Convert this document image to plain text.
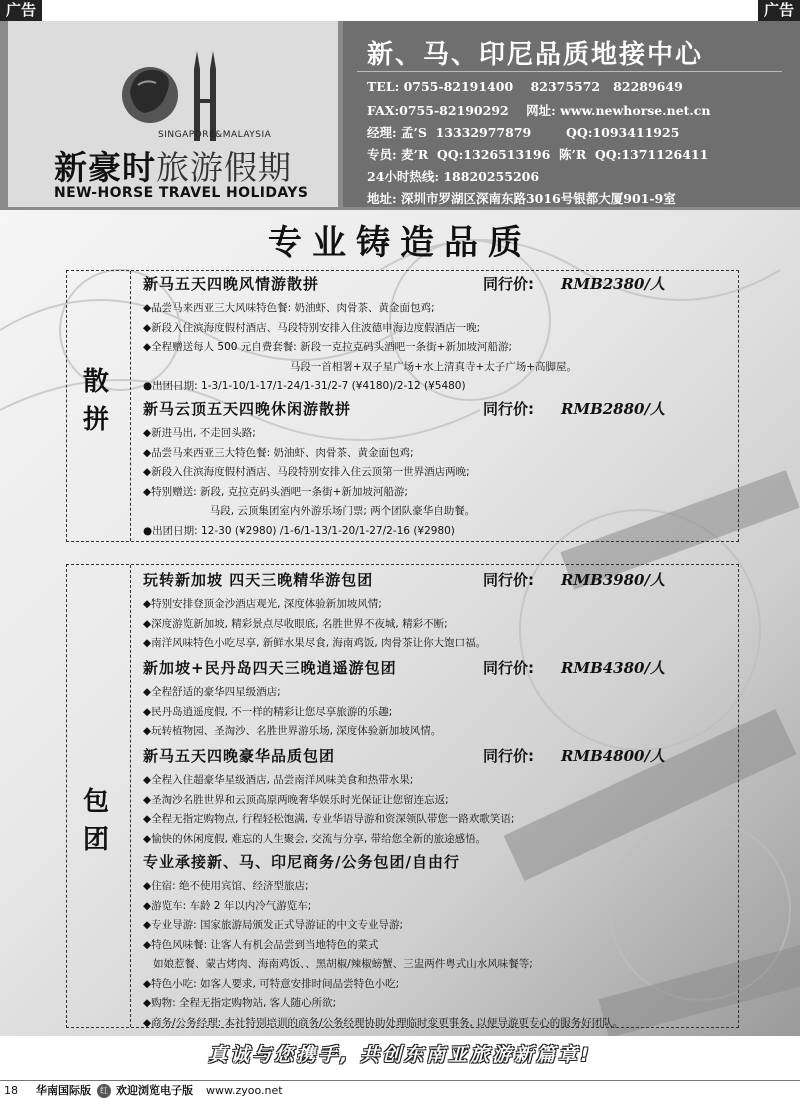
广告	广告
SINGAPORE&MALAYSIA
新豪时旅游假期
NEW-HORSE TRAVEL HOLIDAYS
新、马、印尼品质地接中心
TEL: 0755-82191400    82375572   82289649
FAX:0755-82190292    网址: www.newhorse.net.cn
经理: 孟’S  13332977879        QQ:1093411925
专员: 麦’R  QQ:1326513196  陈’R  QQ:1371126411
24小时热线: 18820255206
地址: 深圳市罗湖区深南东路3016号银都大厦901-9室
专业铸造品质
散
拼
包
团
新马五天四晚风情游散拼	同行价: RMB2380/人
◆品尝马来西亚三大风味特色餐: 奶油虾、肉骨茶、黄金面包鸡;
◆新段入住滨海度假村酒店、马段特别安排入住波德申海边度假酒店一晚;
◆全程赠送每人 500 元自费套餐: 新段一克拉克码头酒吧一条街+新加坡河船游;
马段一首相署+双子星广场+水上清真寺+太子广场+高脚屋。
●出团日期: 1-3/1-10/1-17/1-24/1-31/2-7 (¥4180)/2-12 (¥5480)
新马云顶五天四晚休闲游散拼	同行价: RMB2880/人
◆新进马出, 不走回头路;
◆品尝马来西亚三大特色餐: 奶油虾、肉骨茶、黄金面包鸡;
◆新段入住滨海度假村酒店、马段特别安排入住云顶第一世界酒店两晚;
◆特别赠送: 新段, 克拉克码头酒吧一条街+新加坡河船游;
马段, 云顶集团室内外游乐场门票; 两个团队豪华自助餐。
●出团日期: 12-30 (¥2980) /1-6/1-13/1-20/1-27/2-16 (¥2980)
玩转新加坡 四天三晚精华游包团	同行价: RMB3980/人
◆特别安排登顶金沙酒店观光, 深度体验新加坡风情;
◆深度游览新加坡, 精彩景点尽收眼底, 名胜世界不夜城, 精彩不断;
◆南洋风味特色小吃尽享, 新鲜水果尽食, 海南鸡饭, 肉骨茶让你大饱口福。
新加坡+民丹岛四天三晚逍遥游包团	同行价: RMB4380/人
◆全程舒适的豪华四星级酒店;
◆民丹岛逍遥度假, 不一样的精彩让您尽享旅游的乐趣;
◆玩转植物园、圣淘沙、名胜世界游乐场, 深度体验新加坡风情。
新马五天四晚豪华品质包团	同行价: RMB4800/人
◆全程入住超豪华星级酒店, 品尝南洋风味美食和热带水果;
◆圣淘沙名胜世界和云顶高原两晚奢华娱乐时光保证让您留连忘返;
◆全程无指定购物点, 行程轻松饱满, 专业华语导游和资深领队带您一路欢歌笑语;
◆愉快的休闲度假, 难忘的人生聚会, 交流与分享, 带给您全新的旅途感悟。
专业承接新、马、印尼商务/公务包团/自由行
◆住宿: 绝不使用宾馆、经济型旅店;
◆游览车: 车龄 2 年以内冷气游览车;
◆专业导游: 国家旅游局颁发正式导游证的中文专业导游;
◆特色风味餐: 让客人有机会品尝到当地特色的菜式
如娘惹餐、蒙古烤肉、海南鸡饭、、黑胡椒/辣椒螃蟹、三盅两件粤式山水风味餐等;
◆特色小吃: 如客人要求, 可特意安排时间品尝特色小吃;
◆购物: 全程无指定购物站, 客人随心所欲;
◆商务/公务经理: 本社特别培训的商务/公务经理协助处理临时变更事务, 以便导游更专心的服务好团队。
真诚与您携手, 共创东南亚旅游新篇章!
18 华南国际版	红 欢迎浏览电子版 www.zyoo.net
